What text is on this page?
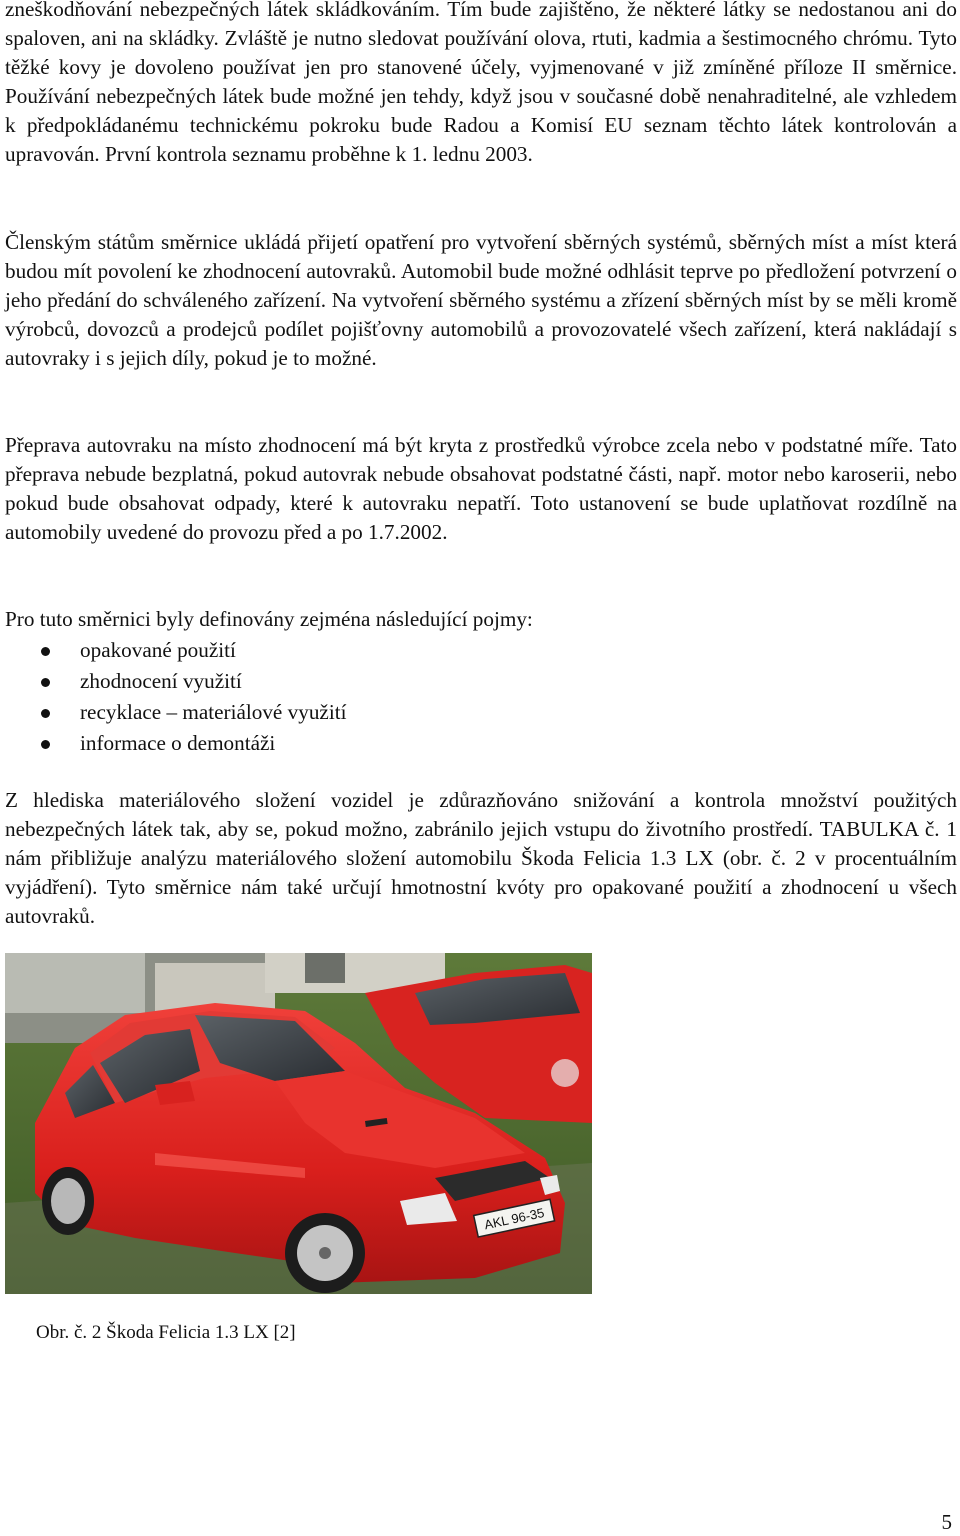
zneškodňování nebezpečných látek skládkováním. Tím bude zajištěno, že některé látky se nedostanou ani do spaloven, ani na skládky. Zvláště je nutno sledovat používání olova, rtuti, kadmia a šestimocného chrómu. Tyto těžké kovy je dovoleno používat jen pro stanovené účely, vyjmenované v již zmíněné příloze II směrnice. Používání nebezpečných látek bude možné jen tehdy, když jsou v současné době nenahraditelné, ale vzhledem k předpokládanému technickému pokroku bude Radou a Komisí EU seznam těchto látek kontrolován a upravován. První kontrola seznamu proběhne k 1. lednu 2003.

Členským státům směrnice ukládá přijetí opatření pro vytvoření sběrných systémů, sběrných míst a míst která budou mít povolení ke zhodnocení autovraků. Automobil bude možné odhlásit teprve po předložení potvrzení o jeho předání do schváleného zařízení. Na vytvoření sběrného systému a zřízení sběrných míst by se měli kromě výrobců, dovozců a prodejců podílet pojišťovny automobilů a provozovatelé všech zařízení, která nakládají s autovraky i s jejich díly, pokud je to možné.

Přeprava autovraku na místo zhodnocení má být kryta z prostředků výrobce zcela nebo v podstatné míře. Tato přeprava nebude bezplatná, pokud autovrak nebude obsahovat podstatné části, např. motor nebo karoserii, nebo pokud bude obsahovat odpady, které k autovraku nepatří. Toto ustanovení se bude uplatňovat rozdílně na automobily uvedené do provozu před a po 1.7.2002.

Pro tuto směrnici byly definovány zejména následující pojmy:

opakované použití
zhodnocení využití
recyklace – materiálové využití
informace o demontáži

Z hlediska materiálového složení vozidel je zdůrazňováno snižování a kontrola množství použitých nebezpečných látek tak, aby se, pokud možno, zabránilo jejich vstupu do životního prostředí. TABULKA č. 1 nám přibližuje analýzu materiálového složení automobilu Škoda Felicia 1.3 LX (obr. č. 2 v procentuálním vyjádření). Tyto směrnice nám také určují hmotnostní kvóty pro opakované použití a zhodnocení u všech autovraků.

AKL 96-35
Obr. č. 2 Škoda Felicia 1.3 LX [2]
5
